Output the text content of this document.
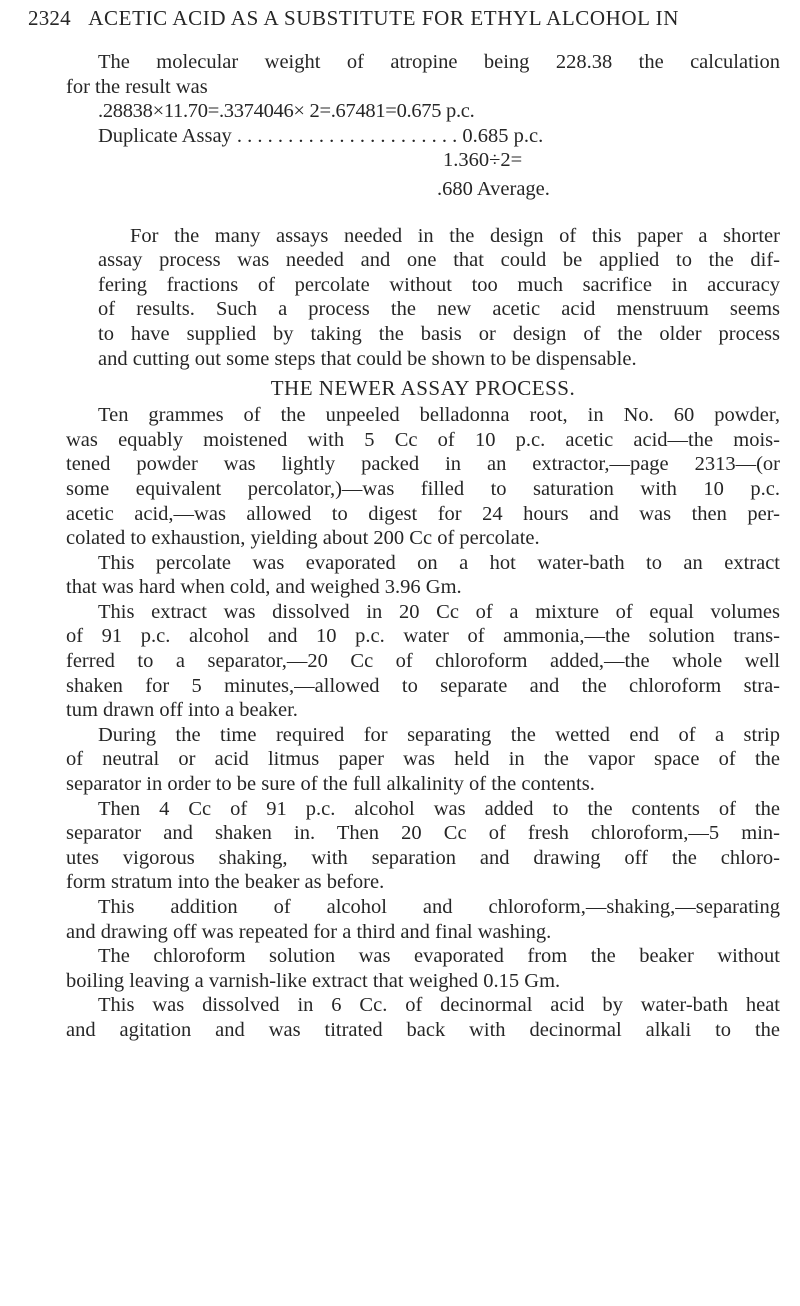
2324 ACETIC ACID AS A SUBSTITUTE FOR ETHYL ALCOHOL IN
The molecular weight of atropine being 228.38 the calculation
for the result was
.28838×11.70=.3374046× 2=.67481=0.675 p.c.
Duplicate Assay . . . . . . . . . . . . . . . . . . . . . . 0.685 p.c.
1.360÷2=
.680 Average.
For the many assays needed in the design of this paper a shorter
assay process was needed and one that could be applied to the dif-
fering fractions of percolate without too much sacrifice in accuracy
of results. Such a process the new acetic acid menstruum seems
to have supplied by taking the basis or design of the older process
and cutting out some steps that could be shown to be dispensable.
THE NEWER ASSAY PROCESS.
Ten grammes of the unpeeled belladonna root, in No. 60 powder,
was equably moistened with 5 Cc of 10 p.c. acetic acid—the mois-
tened powder was lightly packed in an extractor,—page 2313—(or
some equivalent percolator,)—was filled to saturation with 10 p.c.
acetic acid,—was allowed to digest for 24 hours and was then per-
colated to exhaustion, yielding about 200 Cc of percolate.
This percolate was evaporated on a hot water-bath to an extract
that was hard when cold, and weighed 3.96 Gm.
This extract was dissolved in 20 Cc of a mixture of equal volumes
of 91 p.c. alcohol and 10 p.c. water of ammonia,—the solution trans-
ferred to a separator,—20 Cc of chloroform added,—the whole well
shaken for 5 minutes,—allowed to separate and the chloroform stra-
tum drawn off into a beaker.
During the time required for separating the wetted end of a strip
of neutral or acid litmus paper was held in the vapor space of the
separator in order to be sure of the full alkalinity of the contents.
Then 4 Cc of 91 p.c. alcohol was added to the contents of the
separator and shaken in. Then 20 Cc of fresh chloroform,—5 min-
utes vigorous shaking, with separation and drawing off the chloro-
form stratum into the beaker as before.
This addition of alcohol and chloroform,—shaking,—separating
and drawing off was repeated for a third and final washing.
The chloroform solution was evaporated from the beaker without
boiling leaving a varnish-like extract that weighed 0.15 Gm.
This was dissolved in 6 Cc. of decinormal acid by water-bath heat
and agitation and was titrated back with decinormal alkali to the
